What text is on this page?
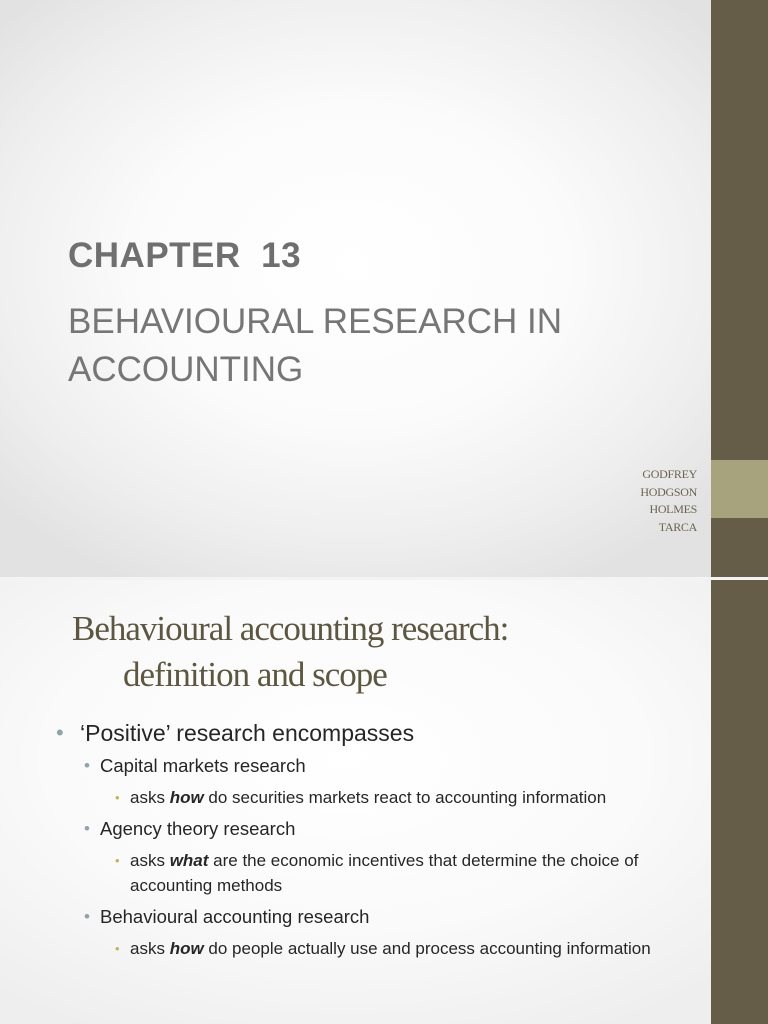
CHAPTER  13
BEHAVIOURAL RESEARCH IN ACCOUNTING
GODFREY
HODGSON
HOLMES
TARCA
Behavioural accounting research:
definition and scope
• ‘Positive’ research encompasses
• Capital markets research
• asks how do securities markets react to accounting information
• Agency theory research
• asks what are the economic incentives that determine the choice of accounting methods
• Behavioural accounting research
• asks how do people actually use and process accounting information
